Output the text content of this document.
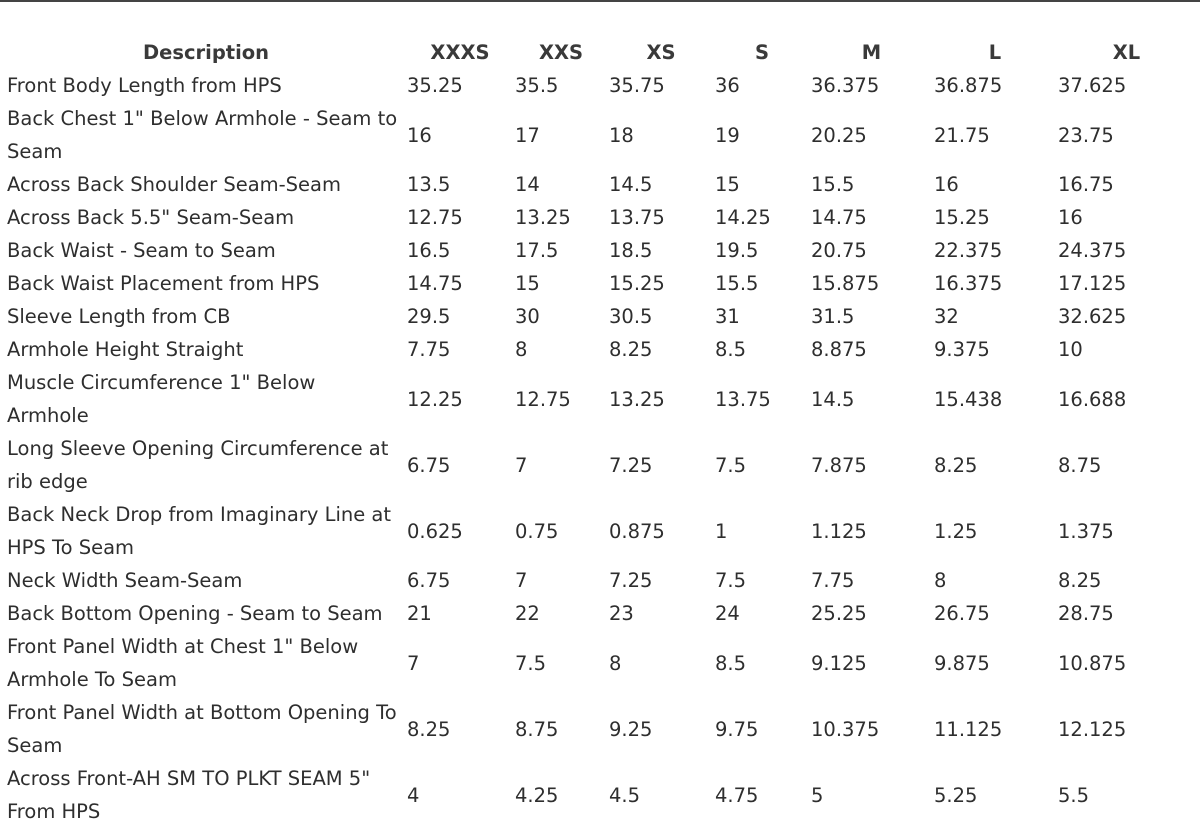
Description	XXXS	XXS	XS	S	M	L	XL
Front Body Length from HPS	35.25	35.5	35.75	36	36.375	36.875	37.625
Back Chest 1" Below Armhole - Seam to Seam	16	17	18	19	20.25	21.75	23.75
Across Back Shoulder Seam-Seam	13.5	14	14.5	15	15.5	16	16.75
Across Back 5.5" Seam-Seam	12.75	13.25	13.75	14.25	14.75	15.25	16
Back Waist - Seam to Seam	16.5	17.5	18.5	19.5	20.75	22.375	24.375
Back Waist Placement from HPS	14.75	15	15.25	15.5	15.875	16.375	17.125
Sleeve Length from CB	29.5	30	30.5	31	31.5	32	32.625
Armhole Height Straight	7.75	8	8.25	8.5	8.875	9.375	10
Muscle Circumference 1" Below Armhole	12.25	12.75	13.25	13.75	14.5	15.438	16.688
Long Sleeve Opening Circumference at rib edge	6.75	7	7.25	7.5	7.875	8.25	8.75
Back Neck Drop from Imaginary Line at HPS To Seam	0.625	0.75	0.875	1	1.125	1.25	1.375
Neck Width Seam-Seam	6.75	7	7.25	7.5	7.75	8	8.25
Back Bottom Opening - Seam to Seam	21	22	23	24	25.25	26.75	28.75
Front Panel Width at Chest 1" Below Armhole To Seam	7	7.5	8	8.5	9.125	9.875	10.875
Front Panel Width at Bottom Opening To Seam	8.25	8.75	9.25	9.75	10.375	11.125	12.125
Across Front-AH SM TO PLKT SEAM 5" From HPS	4	4.25	4.5	4.75	5	5.25	5.5
